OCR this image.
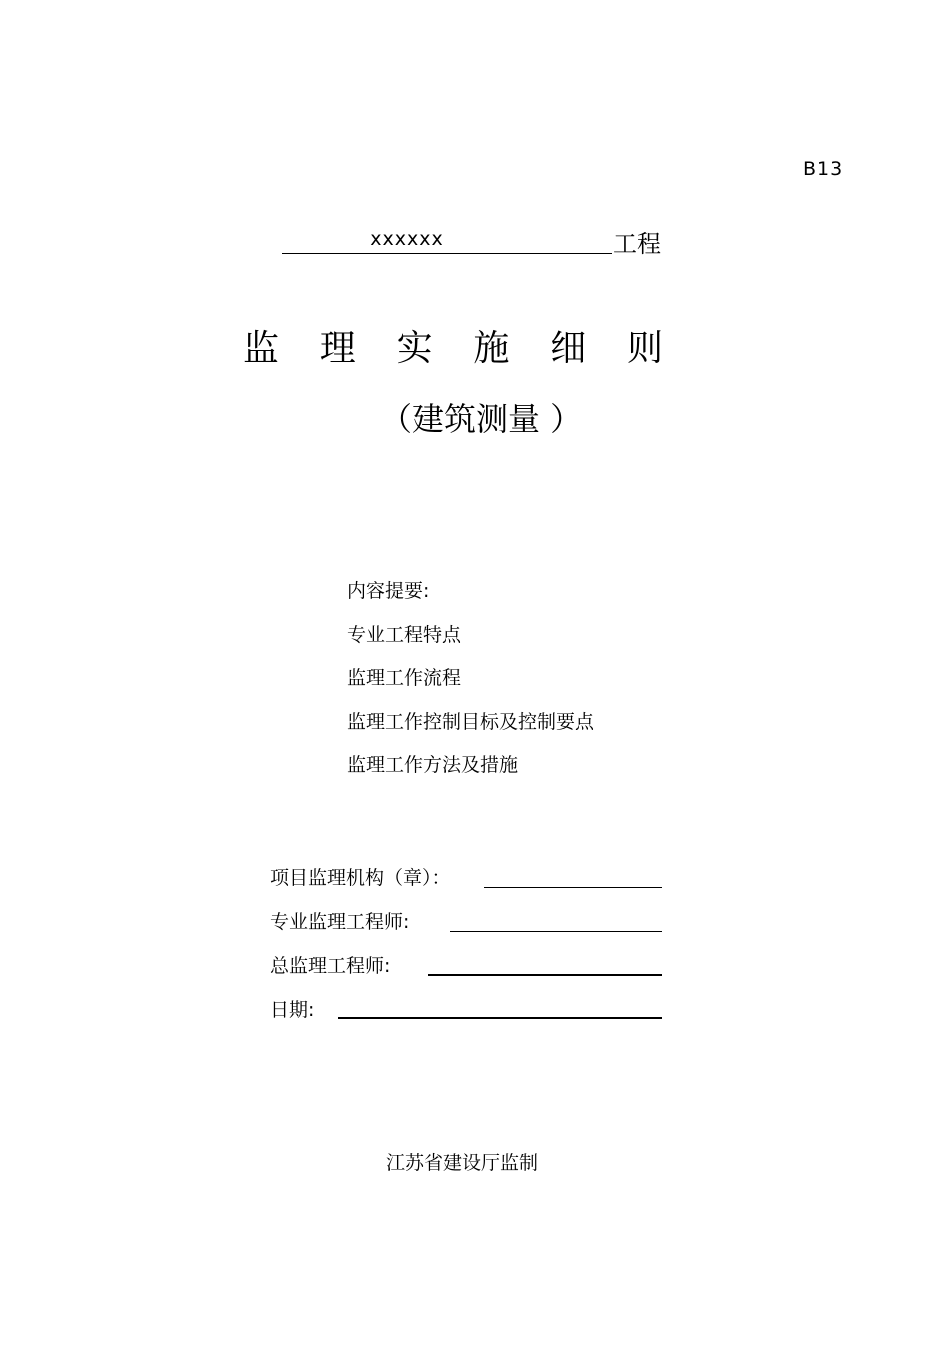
B13
xxxxxx	工程
监 理 实 施 细 则
（建筑测量 ）
内容提要:
专业工程特点
监理工作流程
监理工作控制目标及控制要点
监理工作方法及措施
项目监理机构（章）：
专业监理工程师:
总监理工程师:
日期:
江苏省建设厅监制
